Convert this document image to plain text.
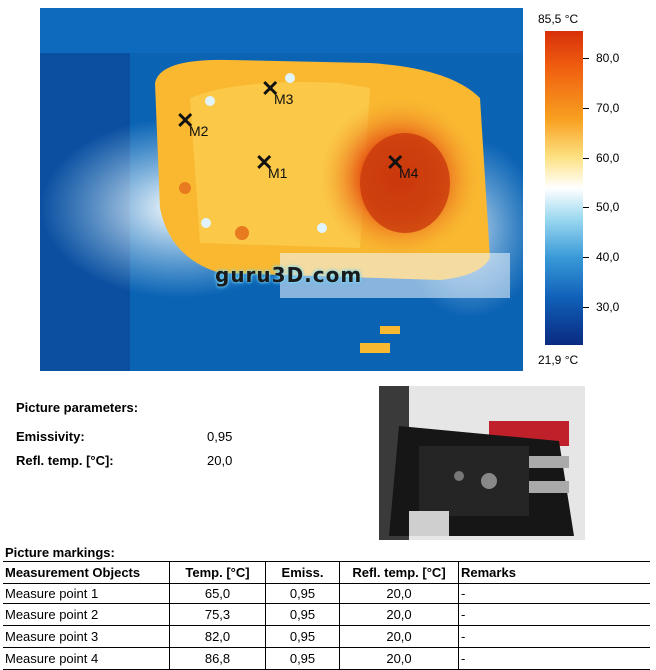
✕
M1
✕
M2
✕
M3
✕
M4
guru3D.com
85,5 °C
80,0
70,0
60,0
50,0
40,0
30,0
21,9 °C
Picture parameters:
Emissivity:	0,95
Refl. temp. [°C]:	20,0
Picture markings:
Measurement Objects	Temp. [°C]	Emiss.	Refl. temp. [°C]	Remarks
Measure point 1	65,0	0,95	20,0	-
Measure point 2	75,3	0,95	20,0	-
Measure point 3	82,0	0,95	20,0	-
Measure point 4	86,8	0,95	20,0	-
